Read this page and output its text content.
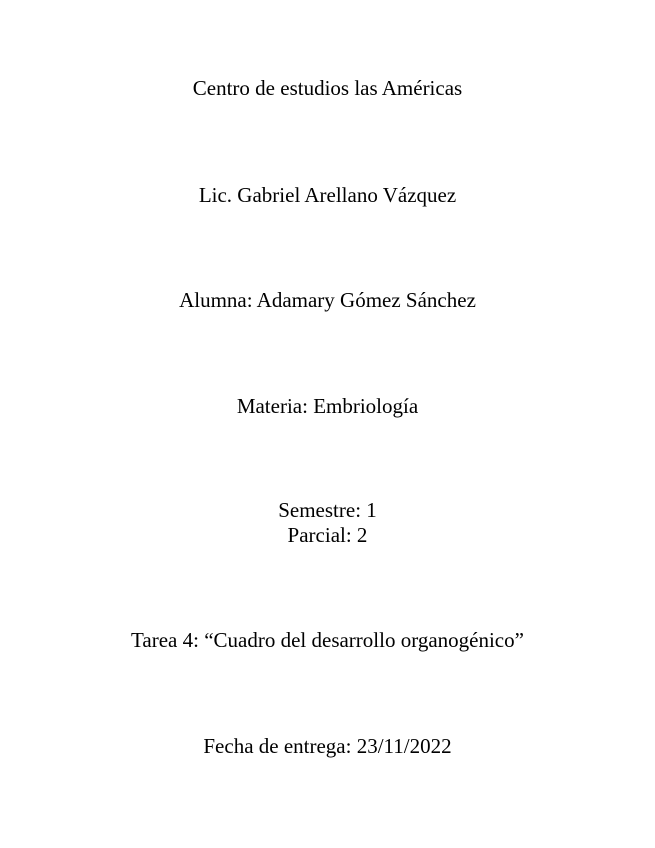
Centro de estudios las Américas
Lic. Gabriel Arellano Vázquez
Alumna: Adamary Gómez Sánchez
Materia: Embriología
Semestre: 1
Parcial: 2
Tarea 4: “Cuadro del desarrollo organogénico”
Fecha de entrega: 23/11/2022
